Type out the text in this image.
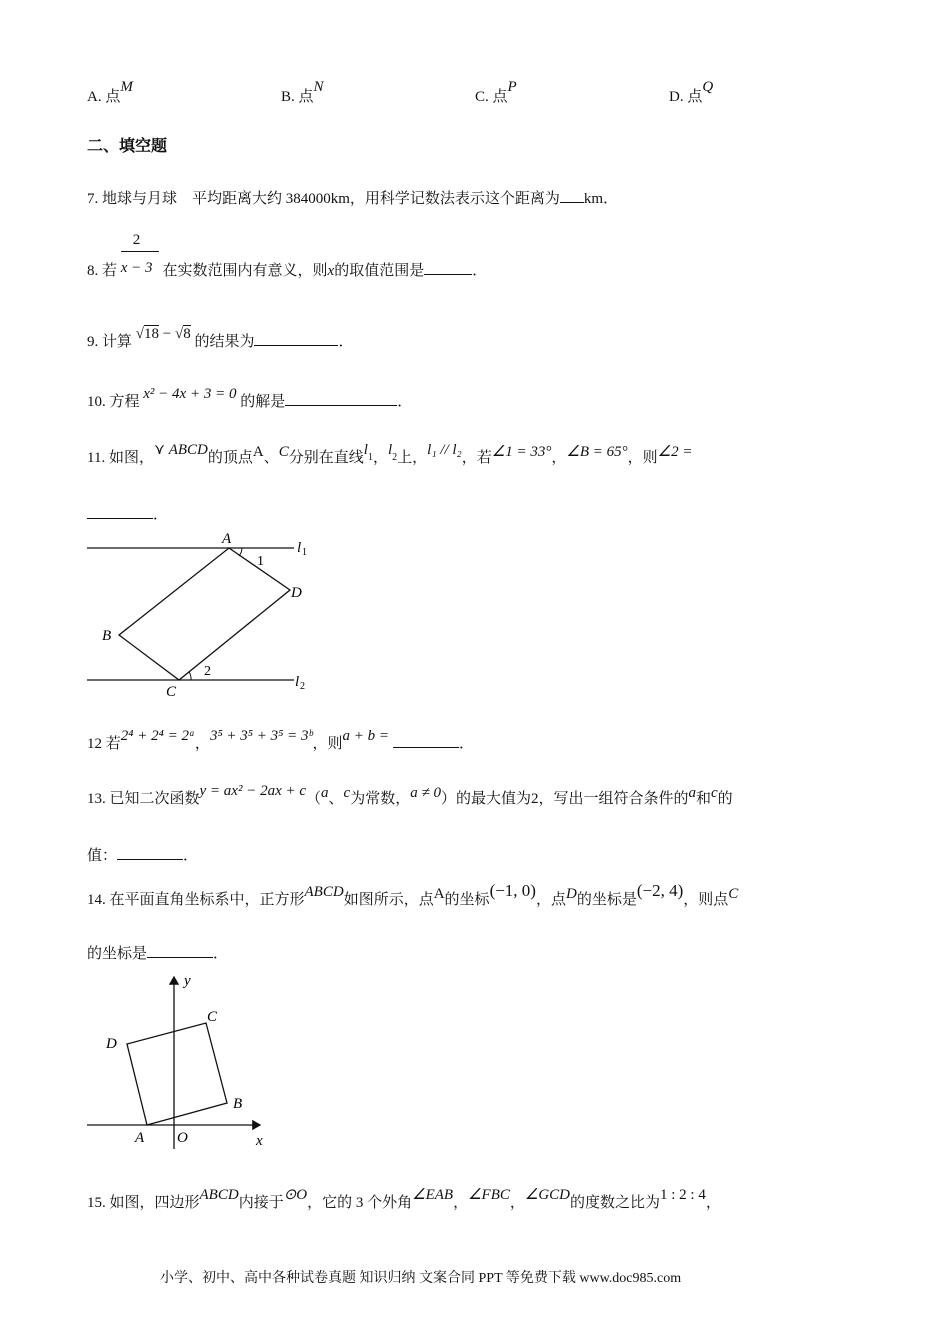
A. 点M
B. 点N
C. 点P
D. 点Q
二、填空题
7. 地球与月球　平均距离大约 384000km，用科学记数法表示这个距离为 km．
8. 若 $\frac{2}{x - 3}$ 在实数范围内有意义，则x的取值范围是	．
9. 计算 √18 − √8 的结果为	．
10. 方程 x² − 4x + 3 = 0 的解是	．
11. 如图，⋎ ABCD的顶点A、C分别在直线l1，l2上，l₁ // l₂，若∠1 = 33°，∠B = 65°，则∠2 =
．
A
B
C
D
1
2
l 1
l 2
12 若2⁴ + 2⁴ = 2ᵃ，3⁵ + 3⁵ + 3⁵ = 3ᵇ，则a + b =	．
13. 已知二次函数y = ax² − 2ax + c（a、c为常数，a ≠ 0）的最大值为2，写出一组符合条件的a和c的
值：	．
14. 在平面直角坐标系中，正方形ABCD如图所示，点A的坐标(−1, 0)，点D的坐标是(−2, 4)，则点C
的坐标是	．
A
B
C
D
O	x
y
15. 如图，四边形ABCD内接于⊙O，它的 3 个外角∠EAB，∠FBC，∠GCD的度数之比为1 : 2 : 4，
小学、初中、高中各种试卷真题 知识归纳 文案合同 PPT 等免费下载 www.doc985.com
